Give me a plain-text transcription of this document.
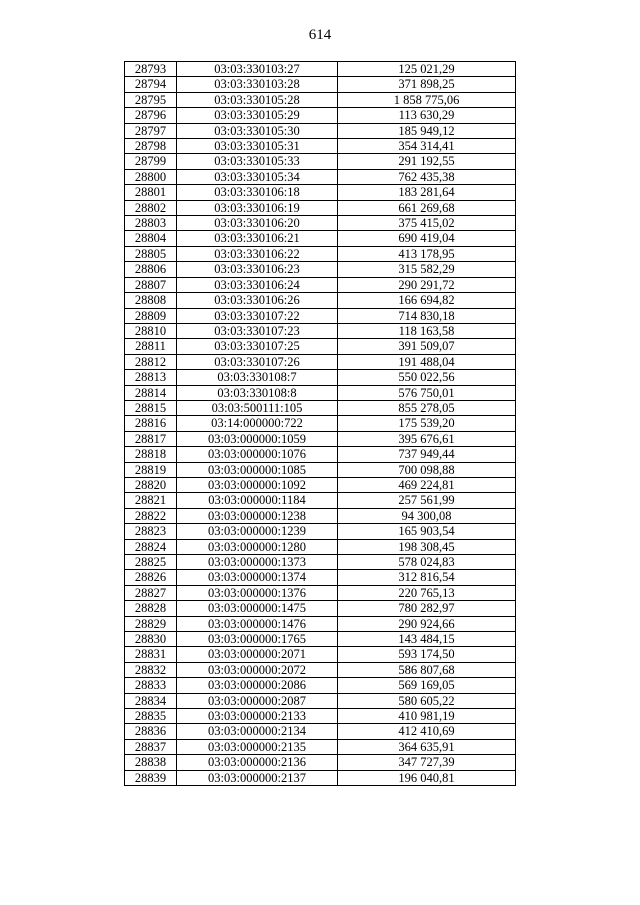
614
28793	03:03:330103:27	125 021,29
28794	03:03:330103:28	371 898,25
28795	03:03:330105:28	1 858 775,06
28796	03:03:330105:29	113 630,29
28797	03:03:330105:30	185 949,12
28798	03:03:330105:31	354 314,41
28799	03:03:330105:33	291 192,55
28800	03:03:330105:34	762 435,38
28801	03:03:330106:18	183 281,64
28802	03:03:330106:19	661 269,68
28803	03:03:330106:20	375 415,02
28804	03:03:330106:21	690 419,04
28805	03:03:330106:22	413 178,95
28806	03:03:330106:23	315 582,29
28807	03:03:330106:24	290 291,72
28808	03:03:330106:26	166 694,82
28809	03:03:330107:22	714 830,18
28810	03:03:330107:23	118 163,58
28811	03:03:330107:25	391 509,07
28812	03:03:330107:26	191 488,04
28813	03:03:330108:7	550 022,56
28814	03:03:330108:8	576 750,01
28815	03:03:500111:105	855 278,05
28816	03:14:000000:722	175 539,20
28817	03:03:000000:1059	395 676,61
28818	03:03:000000:1076	737 949,44
28819	03:03:000000:1085	700 098,88
28820	03:03:000000:1092	469 224,81
28821	03:03:000000:1184	257 561,99
28822	03:03:000000:1238	94 300,08
28823	03:03:000000:1239	165 903,54
28824	03:03:000000:1280	198 308,45
28825	03:03:000000:1373	578 024,83
28826	03:03:000000:1374	312 816,54
28827	03:03:000000:1376	220 765,13
28828	03:03:000000:1475	780 282,97
28829	03:03:000000:1476	290 924,66
28830	03:03:000000:1765	143 484,15
28831	03:03:000000:2071	593 174,50
28832	03:03:000000:2072	586 807,68
28833	03:03:000000:2086	569 169,05
28834	03:03:000000:2087	580 605,22
28835	03:03:000000:2133	410 981,19
28836	03:03:000000:2134	412 410,69
28837	03:03:000000:2135	364 635,91
28838	03:03:000000:2136	347 727,39
28839	03:03:000000:2137	196 040,81
